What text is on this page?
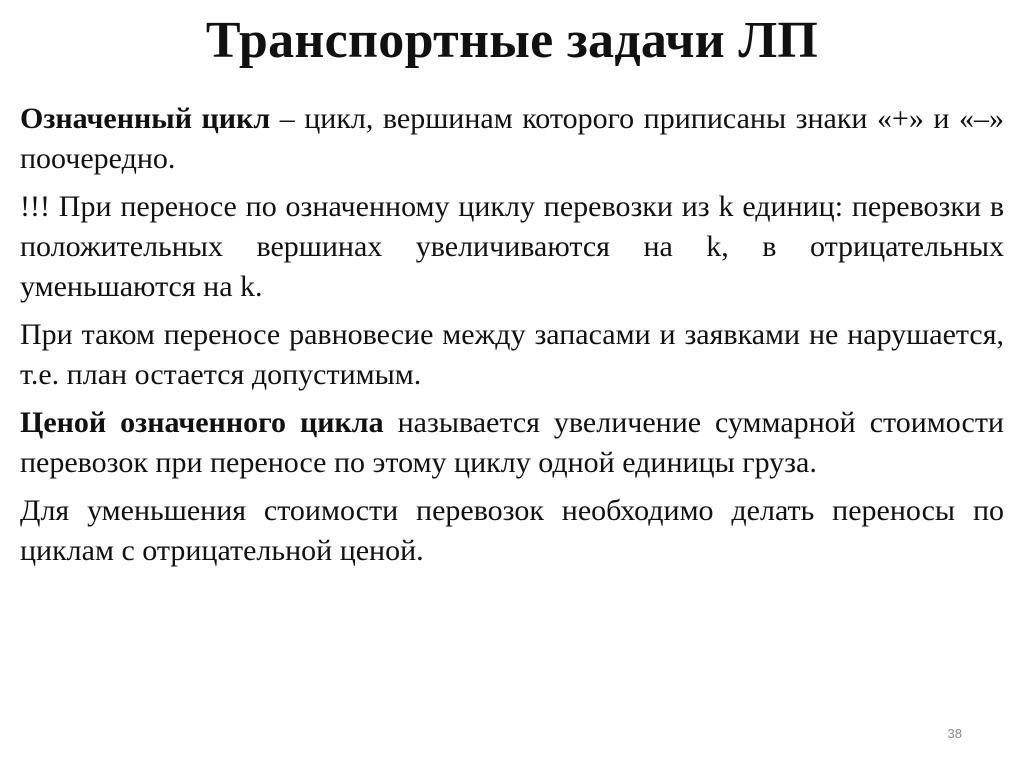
Транспортные задачи ЛП

Означенный цикл – цикл, вершинам которого приписаны знаки «+» и «–» поочередно.

!!! При переносе по означенному циклу перевозки из k единиц: перевозки в положительных вершинах увеличиваются на k, в отрицательных уменьшаются на k.

При таком переносе равновесие между запасами и заявками не нарушается, т.е. план остается допустимым.

Ценой означенного цикла называется увеличение суммарной стоимости перевозок при переносе по этому циклу одной единицы груза.

Для уменьшения стоимости перевозок необходимо делать переносы по циклам с отрицательной ценой.

38
